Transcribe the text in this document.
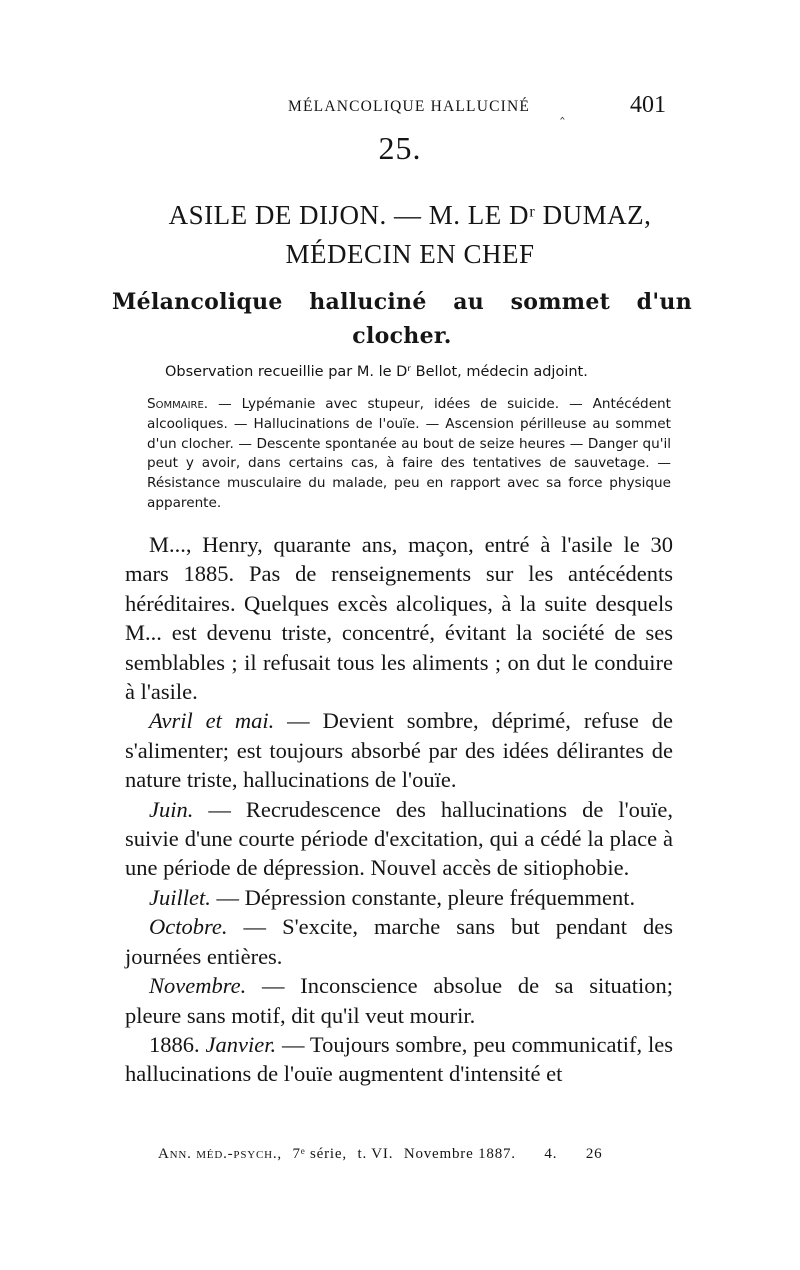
MÉLANCOLIQUE HALLUCINÉ	401
‸
25.

ASILE DE DIJON. — M. LE Dʳ DUMAZ,

MÉDECIN EN CHEF

Mélancolique halluciné au sommet d'un
clocher.
Observation recueillie par M. le Dʳ Bellot, médecin adjoint.
Sommaire. — Lypémanie avec stupeur, idées de suicide. — Antécédent alcooliques. — Hallucinations de l'ouïe. — Ascension périlleuse au sommet d'un clocher. — Descente spontanée au bout de seize heures — Danger qu'il peut y avoir, dans certains cas, à faire des tentatives de sauvetage. — Résistance musculaire du malade, peu en rapport avec sa force physique apparente.

M..., Henry, quarante ans, maçon, entré à l'asile le 30 mars 1885. Pas de renseignements sur les antécédents héréditaires. Quelques excès alcoliques, à la suite desquels M... est devenu triste, concentré, évitant la société de ses semblables ; il refusait tous les aliments ; on dut le conduire à l'asile.

Avril et mai. — Devient sombre, déprimé, refuse de s'alimenter; est toujours absorbé par des idées délirantes de nature triste, hallucinations de l'ouïe.

Juin. — Recrudescence des hallucinations de l'ouïe, suivie d'une courte période d'excitation, qui a cédé la place à une période de dépression. Nouvel accès de sitiophobie.

Juillet. — Dépression constante, pleure fréquemment.

Octobre. — S'excite, marche sans but pendant des journées entières.

Novembre. — Inconscience absolue de sa situation; pleure sans motif, dit qu'il veut mourir.

1886. Janvier. — Toujours sombre, peu communicatif, les hallucinations de l'ouïe augmentent d'intensité et

Ann. méd.-psych., 7ᵉ série, t. VI. Novembre 1887. 4. 26
